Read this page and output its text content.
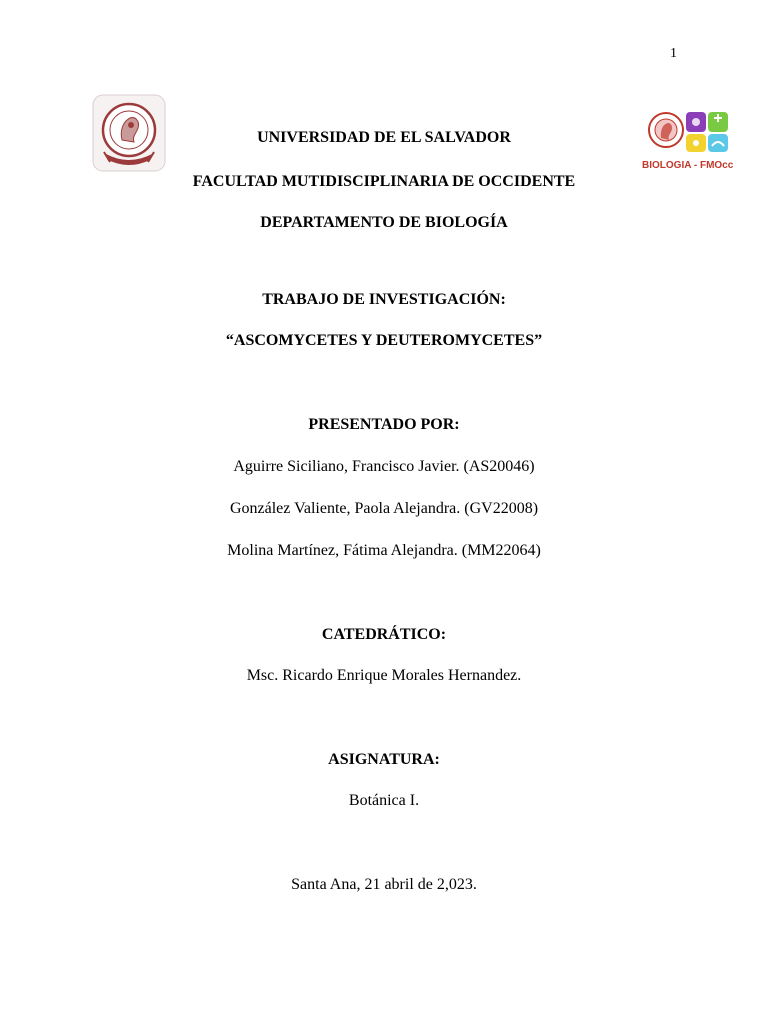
1
BIOLOGIA - FMOcc
UNIVERSIDAD DE EL SALVADOR
FACULTAD MUTIDISCIPLINARIA DE OCCIDENTE
DEPARTAMENTO DE BIOLOGÍA
TRABAJO DE INVESTIGACIÓN:
“ASCOMYCETES Y DEUTEROMYCETES”
PRESENTADO POR:
Aguirre Siciliano, Francisco Javier. (AS20046)
González Valiente, Paola Alejandra. (GV22008)
Molina Martínez, Fátima Alejandra. (MM22064)
CATEDRÁTICO:
Msc. Ricardo Enrique Morales Hernandez.
ASIGNATURA:
Botánica I.
Santa Ana, 21 abril de 2,023.
